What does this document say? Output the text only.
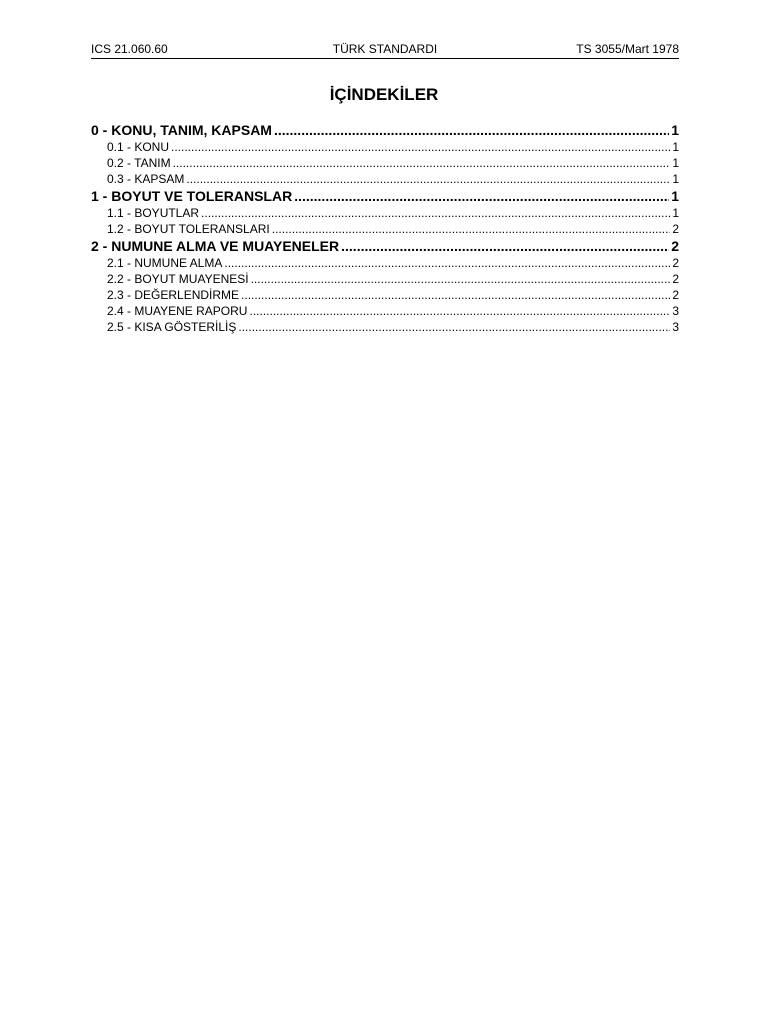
ICS 21.060.60	TÜRK STANDARDI	TS 3055/Mart 1978
İÇİNDEKİLER
0 - KONU, TANIM, KAPSAM .....	1
0.1 - KONU .....	1
0.2 - TANIM .....	1
0.3 - KAPSAM .....	1
1 - BOYUT VE TOLERANSLAR .....	1
1.1 - BOYUTLAR .....	1
1.2 - BOYUT TOLERANSLARI .....	2
2 - NUMUNE ALMA VE MUAYENELER .....	2
2.1 - NUMUNE ALMA .....	2
2.2 - BOYUT MUAYENESİ .....	2
2.3 - DEĞERLENDİRME .....	2
2.4 - MUAYENE RAPORU .....	3
2.5 - KISA GÖSTERİLİŞ .....	3
